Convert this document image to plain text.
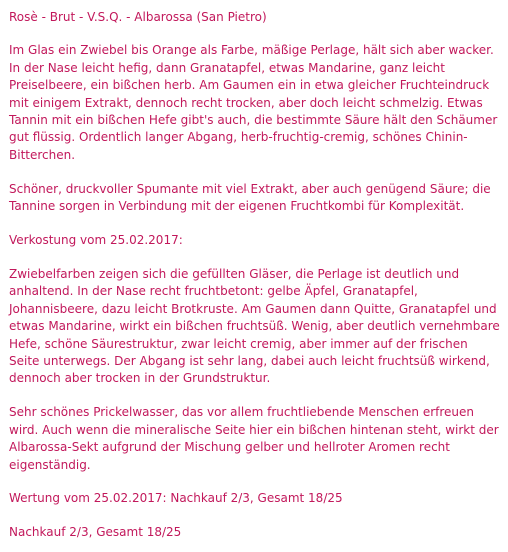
Rosè - Brut - V.S.Q. - Albarossa (San Pietro)

Im Glas ein Zwiebel bis Orange als Farbe, mäßige Perlage, hält sich aber wacker. In der Nase leicht hefig, dann Granatapfel, etwas Mandarine, ganz leicht Preiselbeere, ein bißchen herb. Am Gaumen ein in etwa gleicher Fruchteindruck mit einigem Extrakt, dennoch recht trocken, aber doch leicht schmelzig. Etwas Tannin mit ein bißchen Hefe gibt's auch, die bestimmte Säure hält den Schäumer gut flüssig. Ordentlich langer Abgang, herb-fruchtig-cremig, schönes Chinin-Bitterchen.

Schöner, druckvoller Spumante mit viel Extrakt, aber auch genügend Säure; die Tannine sorgen in Verbindung mit der eigenen Fruchtkombi für Komplexität.

Verkostung vom 25.02.2017:

Zwiebelfarben zeigen sich die gefüllten Gläser, die Perlage ist deutlich und anhaltend. In der Nase recht fruchtbetont: gelbe Äpfel, Granatapfel, Johannisbeere, dazu leicht Brotkruste. Am Gaumen dann Quitte, Granatapfel und etwas Mandarine, wirkt ein bißchen fruchtsüß. Wenig, aber deutlich vernehmbare Hefe, schöne Säurestruktur, zwar leicht cremig, aber immer auf der frischen Seite unterwegs. Der Abgang ist sehr lang, dabei auch leicht fruchtsüß wirkend, dennoch aber trocken in der Grundstruktur.

Sehr schönes Prickelwasser, das vor allem fruchtliebende Menschen erfreuen wird. Auch wenn die mineralische Seite hier ein bißchen hintenan steht, wirkt der Albarossa-Sekt aufgrund der Mischung gelber und hellroter Aromen recht eigenständig.

Wertung vom 25.02.2017: Nachkauf 2/3, Gesamt 18/25

Nachkauf 2/3, Gesamt 18/25
